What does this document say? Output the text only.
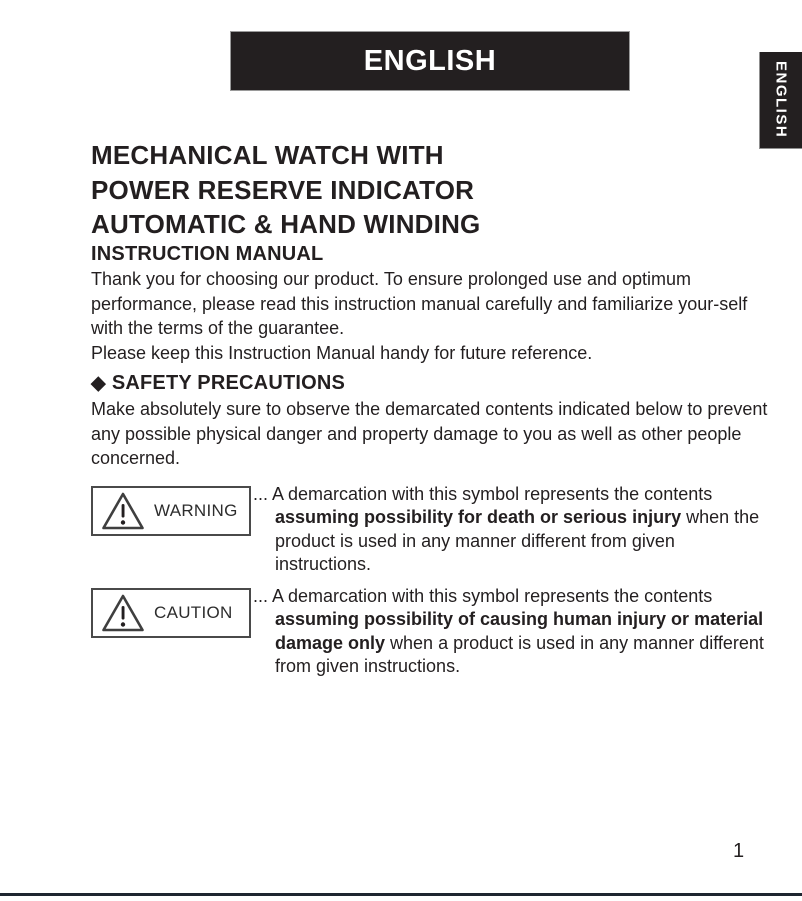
ENGLISH
ENGLISH
MECHANICAL WATCH WITH
POWER RESERVE INDICATOR
AUTOMATIC & HAND WINDING
INSTRUCTION MANUAL
Thank you for choosing our product. To ensure prolonged use and optimum performance, please read this instruction manual carefully and familiarize your-self with the terms of the guarantee.
Please keep this Instruction Manual handy for future reference.
◆ SAFETY PRECAUTIONS
Make absolutely sure to observe the demarcated contents indicated below to prevent any possible physical danger and property damage to you as well as other people concerned.
WARNING
... A demarcation with this symbol represents the contents assuming possibility for death or serious injury when the product is used in any manner different from given instructions.
CAUTION
... A demarcation with this symbol represents the contents assuming possibility of causing human injury or material damage only when a product is used in any manner different from given instructions.
1
